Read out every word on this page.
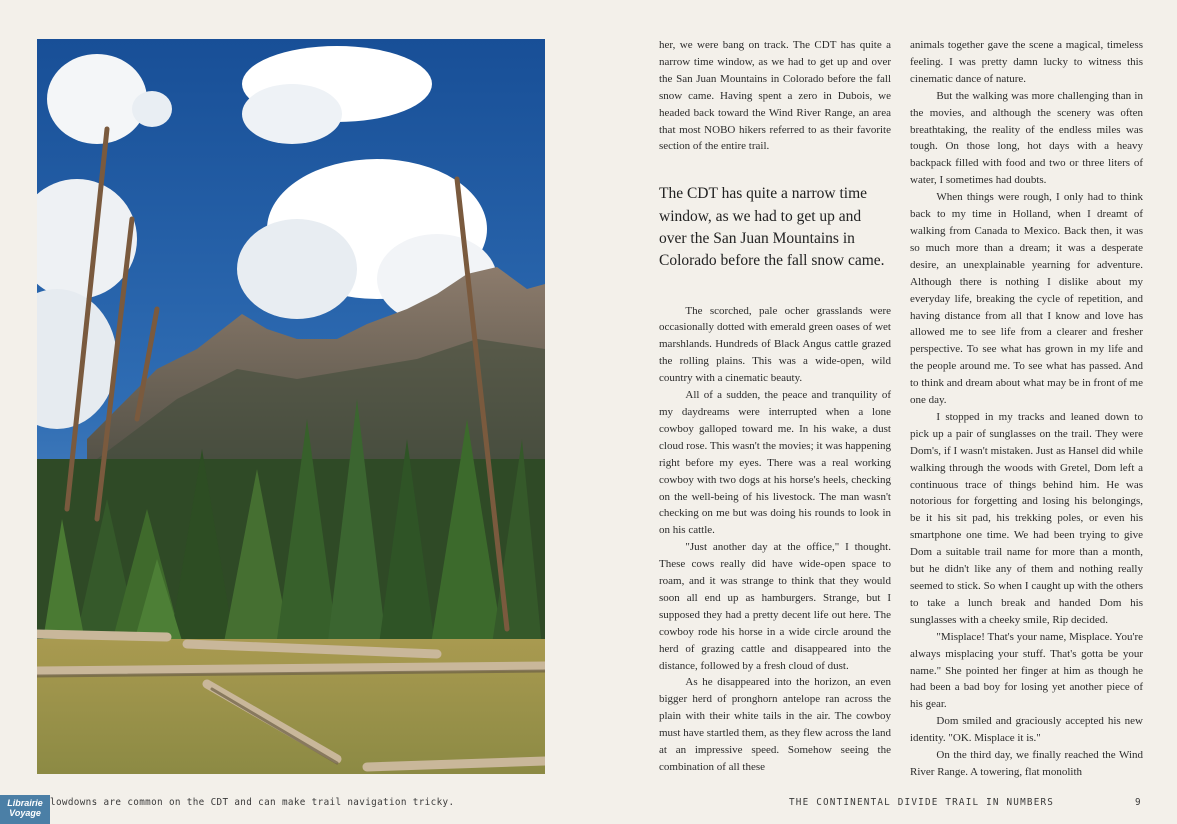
her, we were bang on track. The CDT has quite a narrow time window, as we had to get up and over the San Juan Mountains in Colorado before the fall snow came. Having spent a zero in Dubois, we headed back toward the Wind River Range, an area that most NOBO hikers referred to as their favorite section of the entire trail.

The CDT has quite a narrow time window, as we had to get up and over the San Juan Mountains in Colorado before the fall snow came.

The scorched, pale ocher grasslands were occasionally dotted with emerald green oases of wet marshlands. Hundreds of Black Angus cattle grazed the rolling plains. This was a wide-open, wild country with a cinematic beauty.

All of a sudden, the peace and tranquility of my daydreams were interrupted when a lone cowboy galloped toward me. In his wake, a dust cloud rose. This wasn't the movies; it was happening right before my eyes. There was a real working cowboy with two dogs at his horse's heels, checking on the well-being of his livestock. The man wasn't checking on me but was doing his rounds to look in on his cattle.

"Just another day at the office," I thought. These cows really did have wide-open space to roam, and it was strange to think that they would soon all end up as hamburgers. Strange, but I supposed they had a pretty decent life out here. The cowboy rode his horse in a wide circle around the herd of grazing cattle and disappeared into the distance, followed by a fresh cloud of dust.

As he disappeared into the horizon, an even bigger herd of pronghorn antelope ran across the plain with their white tails in the air. The cowboy must have startled them, as they flew across the land at an impressive speed. Somehow seeing the combination of all these

animals together gave the scene a magical, timeless feeling. I was pretty damn lucky to witness this cinematic dance of nature.

But the walking was more challenging than in the movies, and although the scenery was often breathtaking, the reality of the endless miles was tough. On those long, hot days with a heavy backpack filled with food and two or three liters of water, I sometimes had doubts.

When things were rough, I only had to think back to my time in Holland, when I dreamt of walking from Canada to Mexico. Back then, it was so much more than a dream; it was a desperate desire, an unexplainable yearning for adventure. Although there is nothing I dislike about my everyday life, breaking the cycle of repetition, and having distance from all that I know and love has allowed me to see life from a clearer and fresher perspective. To see what has grown in my life and the people around me. To see what has passed. And to think and dream about what may be in front of me one day.

I stopped in my tracks and leaned down to pick up a pair of sunglasses on the trail. They were Dom's, if I wasn't mistaken. Just as Hansel did while walking through the woods with Gretel, Dom left a continuous trace of things behind him. He was notorious for forgetting and losing his belongings, be it his sit pad, his trekking poles, or even his smartphone one time. We had been trying to give Dom a suitable trail name for more than a month, but he didn't like any of them and nothing really seemed to stick. So when I caught up with the others to take a lunch break and handed Dom his sunglasses with a cheeky smile, Rip decided.

"Misplace! That's your name, Misplace. You're always misplacing your stuff. That's gotta be your name." She pointed her finger at him as though he had been a bad boy for losing yet another piece of his gear.

Dom smiled and graciously accepted his new identity. "OK. Misplace it is."

On the third day, we finally reached the Wind River Range. A towering, flat monolith

Librairie
Voyage
lowdowns are common on the CDT and can make trail navigation tricky.	THE CONTINENTAL DIVIDE TRAIL IN NUMBERS	9
